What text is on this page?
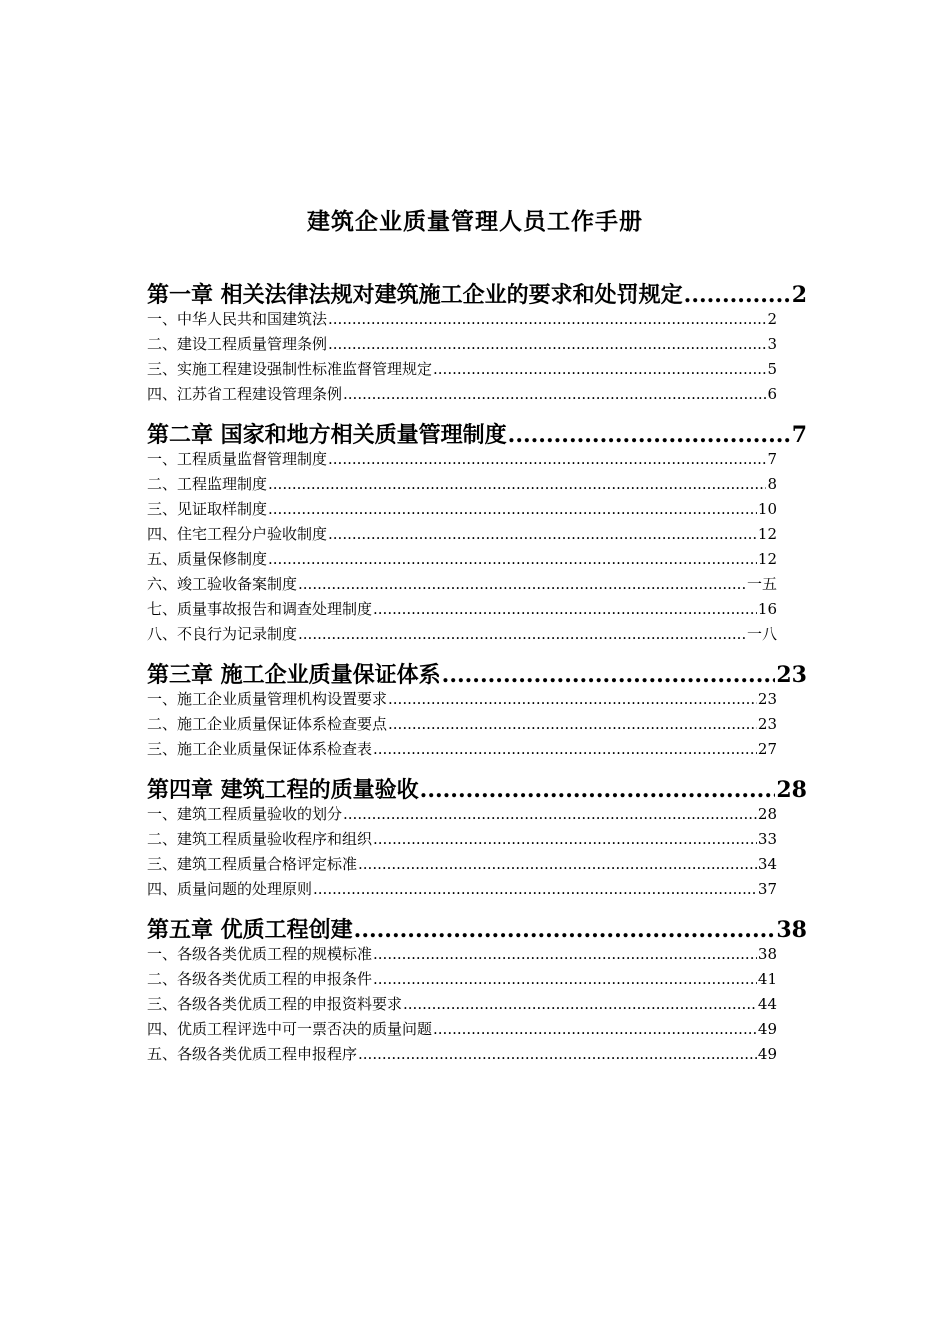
建筑企业质量管理人员工作手册
第一章 相关法律法规对建筑施工企业的要求和处罚规定 .....	2
一、中华人民共和国建筑法 .....	2
二、建设工程质量管理条例 .....	3
三、实施工程建设强制性标准监督管理规定 .....	5
四、江苏省工程建设管理条例 .....	6
第二章 国家和地方相关质量管理制度 .....	7
一、工程质量监督管理制度 .....	7
二、工程监理制度 .....	8
三、见证取样制度 .....	10
四、住宅工程分户验收制度 .....	12
五、质量保修制度 .....	12
六、竣工验收备案制度 .....	一五
七、质量事故报告和调查处理制度 .....	16
八、不良行为记录制度 .....	一八
第三章 施工企业质量保证体系 .....	23
一、施工企业质量管理机构设置要求 .....	23
二、施工企业质量保证体系检查要点 .....	23
三、施工企业质量保证体系检查表 .....	27
第四章 建筑工程的质量验收 .....	28
一、建筑工程质量验收的划分 .....	28
二、建筑工程质量验收程序和组织 .....	33
三、建筑工程质量合格评定标准 .....	34
四、质量问题的处理原则 .....	37
第五章 优质工程创建 .....	38
一、各级各类优质工程的规模标准 .....	38
二、各级各类优质工程的申报条件 .....	41
三、各级各类优质工程的申报资料要求 .....	44
四、优质工程评选中可一票否决的质量问题 .....	49
五、各级各类优质工程申报程序 .....	49
